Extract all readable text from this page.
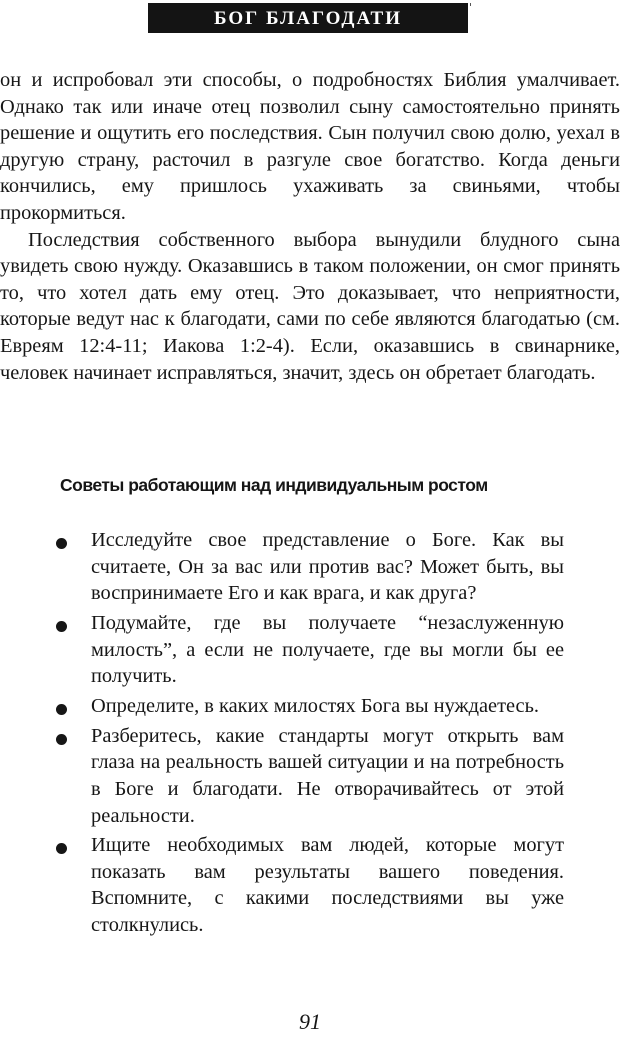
БОГ БЛАГОДАТИ

он и испробовал эти способы, о подробностях Библия умалчивает. Однако так или иначе отец позволил сыну самостоятельно принять решение и ощутить его последствия. Сын получил свою долю, уехал в другую страну, расточил в разгуле свое богатство. Когда деньги кончились, ему пришлось ухаживать за свиньями, чтобы прокормиться.

Последствия собственного выбора вынудили блудного сына увидеть свою нужду. Оказавшись в таком положении, он смог принять то, что хотел дать ему отец. Это доказывает, что неприятности, которые ведут нас к благодати, сами по себе являются благодатью (см. Евреям 12:4-11; Иакова 1:2-4). Если, оказавшись в свинарнике, человек начинает исправляться, значит, здесь он обретает благодать.

Советы работающим над индивидуальным ростом
Исследуйте свое представление о Боге. Как вы считаете, Он за вас или против вас? Может быть, вы воспринимаете Его и как врага, и как друга?
Подумайте, где вы получаете “незаслуженную милость”, а если не получаете, где вы могли бы ее получить.
Определите, в каких милостях Бога вы нуждаетесь.
Разберитесь, какие стандарты могут открыть вам глаза на реальность вашей ситуации и на потребность в Боге и благодати. Не отворачивайтесь от этой реальности.
Ищите необходимых вам людей, которые могут показать вам результаты вашего поведения. Вспомните, с какими последствиями вы уже столкнулись.
91
